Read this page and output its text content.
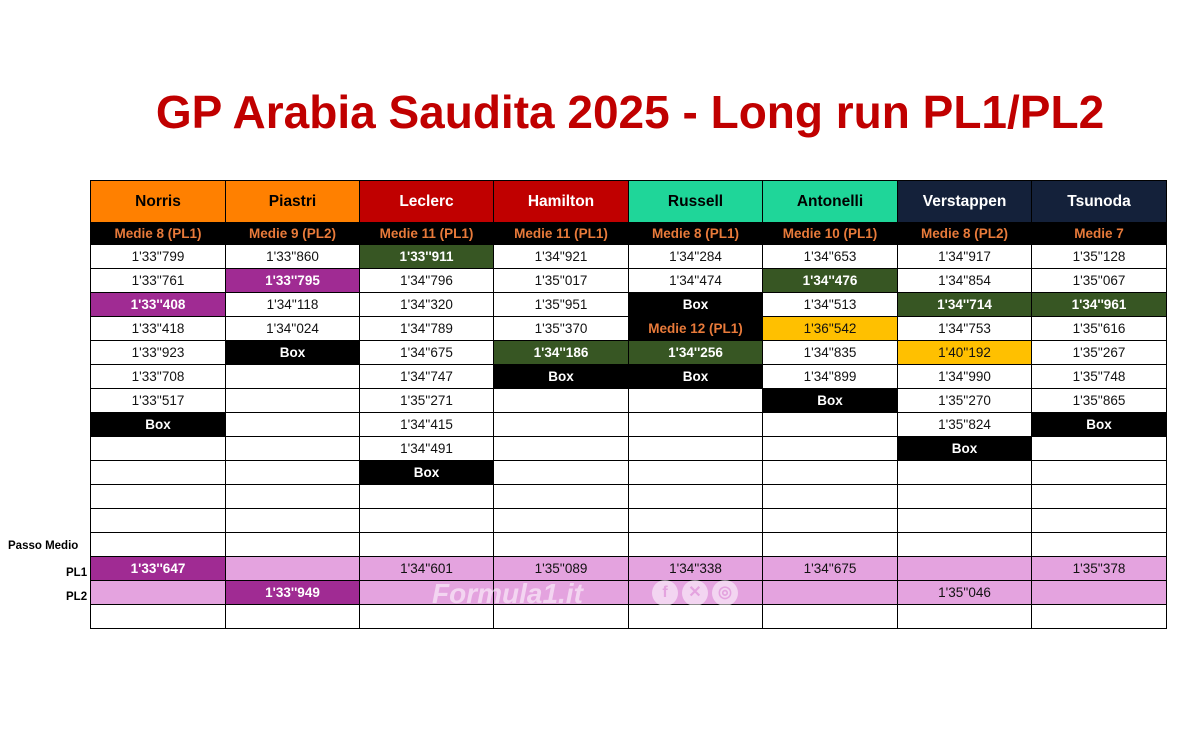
GP Arabia Saudita 2025 - Long run PL1/PL2
Norris	Piastri	Leclerc	Hamilton	Russell	Antonelli	Verstappen	Tsunoda
Medie 8 (PL1)	Medie 9 (PL2)	Medie 11 (PL1)	Medie 11 (PL1)	Medie 8 (PL1)	Medie 10 (PL1)	Medie 8 (PL2)	Medie 7
1'33''799	1'33''860	1'33''911	1'34''921	1'34''284	1'34''653	1'34''917	1'35''128
1'33''761	1'33''795	1'34''796	1'35''017	1'34''474	1'34''476	1'34''854	1'35''067
1'33''408	1'34''118	1'34''320	1'35''951	Box	1'34''513	1'34''714	1'34''961
1'33''418	1'34''024	1'34''789	1'35''370	Medie 12 (PL1)	1'36''542	1'34''753	1'35''616
1'33''923	Box	1'34''675	1'34''186	1'34''256	1'34''835	1'40''192	1'35''267
1'33''708		1'34''747	Box	Box	1'34''899	1'34''990	1'35''748
1'33''517		1'35''271			Box	1'35''270	1'35''865
Box		1'34''415				1'35''824	Box
		1'34''491				Box	
		Box					

1'33''647		1'34''601	1'35''089	1'34''338	1'34''675		1'35''378
	1'33''949					1'35''046	

Passo Medio
PL1
PL2	Formula1.it	f	✕	◎
